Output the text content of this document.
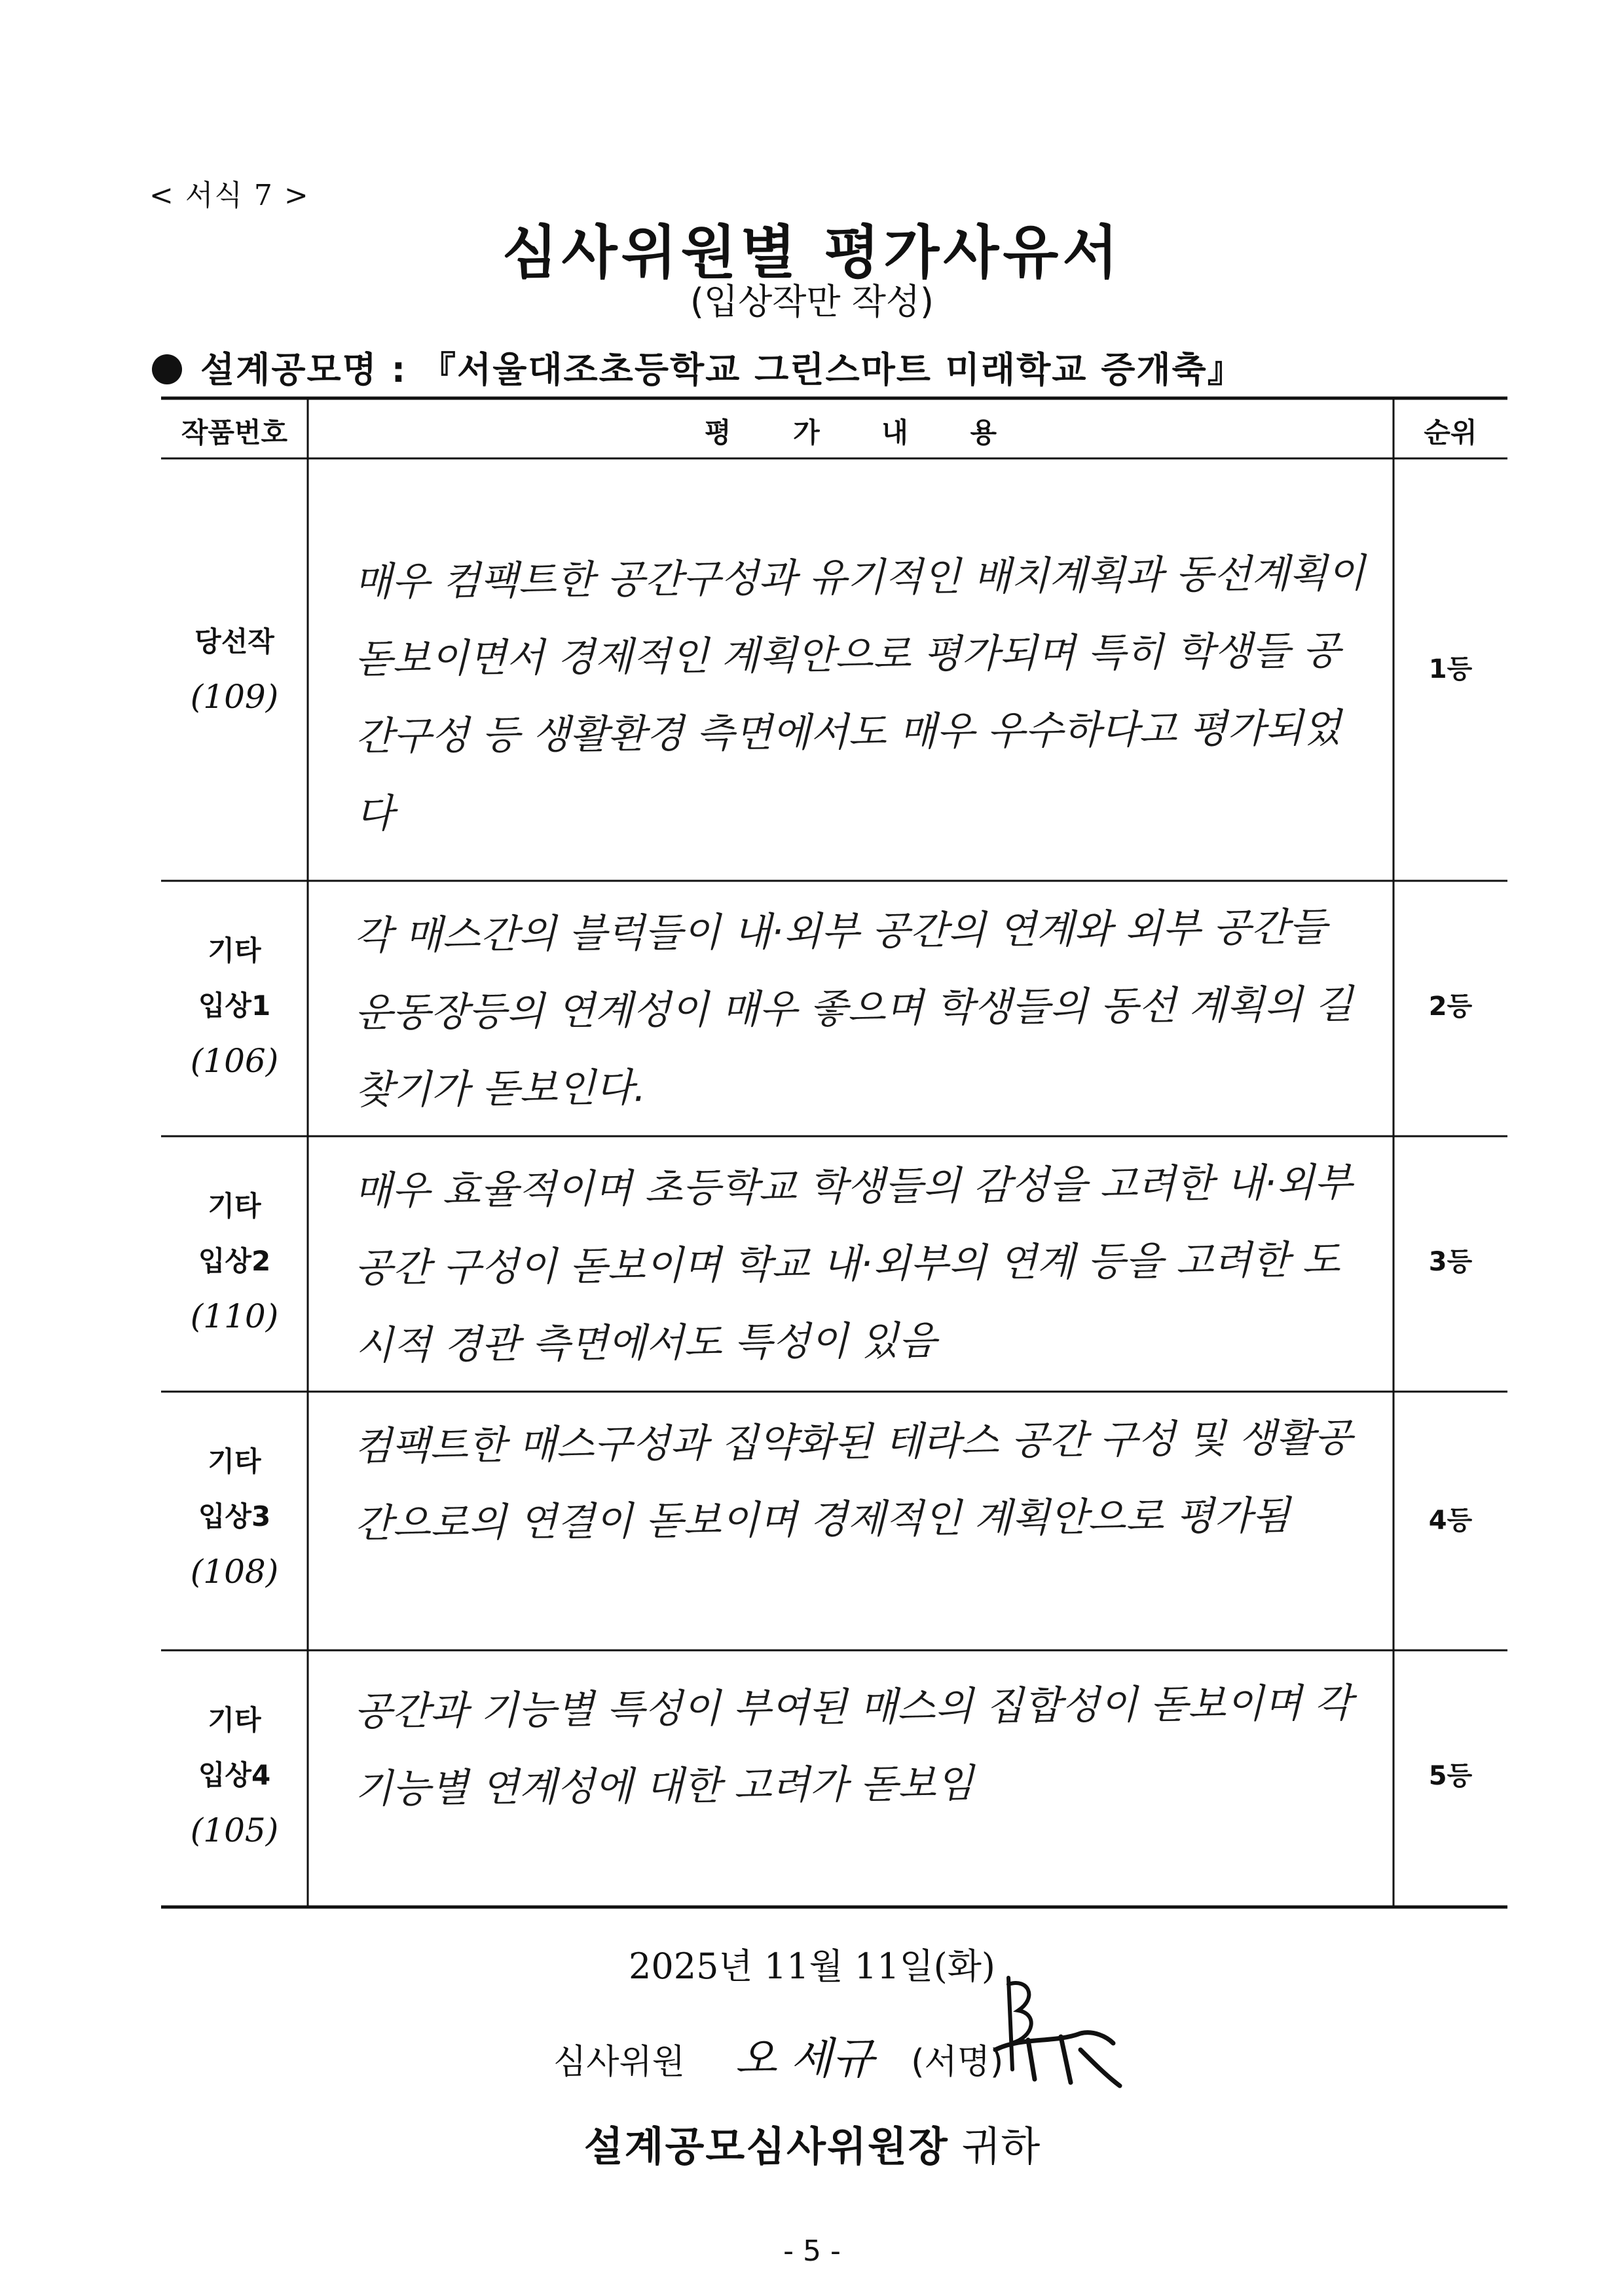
< 서식 7 >
심사위원별 평가사유서
(입상작만 작성)
설계공모명 : 『서울대조초등학교 그린스마트 미래학교 증개축』
작품번호	평 가 내 용	순위
당선작
(109)
매우 컴팩트한 공간구성과 유기적인 배치계획과 동선계획이 돋보이면서 경제적인 계획안으로 평가되며 특히 학생들 공간구성 등 생활환경 측면에서도 매우 우수하다고 평가되었다
1등
기타
입상1
(106)
각 매스간의 블럭들이 내·외부 공간의 연계와 외부 공간들 운동장등의 연계성이 매우 좋으며 학생들의 동선 계획의 길찾기가 돋보인다.
2등
기타
입상2
(110)
매우 효율적이며 초등학교 학생들의 감성을 고려한 내·외부공간 구성이 돋보이며 학교 내·외부의 연계 등을 고려한 도시적 경관 측면에서도 특성이 있음
3등
기타
입상3
(108)
컴팩트한 매스구성과 집약화된 테라스 공간 구성 및 생활공간으로의 연결이 돋보이며 경제적인 계획안으로 평가됨	4등
기타
입상4
(105)
공간과 기능별 특성이 부여된 매스의 집합성이 돋보이며 각 기능별 연계성에 대한 고려가 돋보임	5등
2025년 11월 11일(화)
심사위원 오 세규 (서명)
설계공모심사위원장 귀하
- 5 -
